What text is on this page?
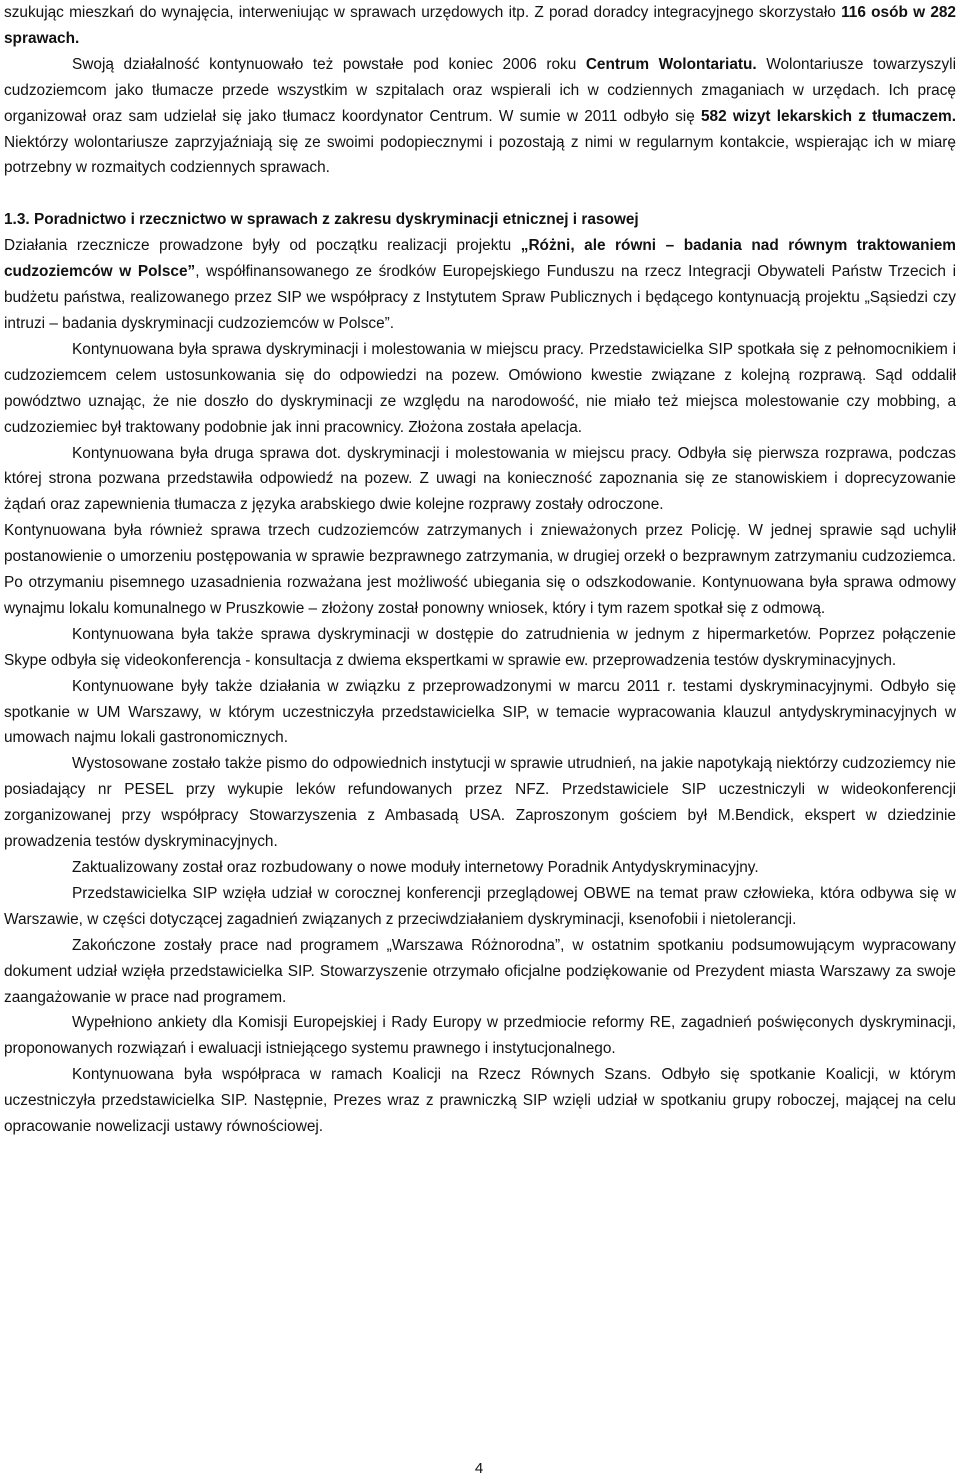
szukując mieszkań do wynajęcia, interweniując w sprawach urzędowych itp. Z porad doradcy integracyjnego skorzystało 116 osób w 282 sprawach.

Swoją działalność kontynuowało też powstałe pod koniec 2006 roku Centrum Wolontariatu. Wolontariusze towarzyszyli cudzoziemcom jako tłumacze przede wszystkim w szpitalach oraz wspierali ich w codziennych zmaganiach w urzędach. Ich pracę organizował oraz sam udzielał się jako tłumacz koordynator Centrum. W sumie w 2011 odbyło się 582 wizyt lekarskich z tłumaczem. Niektórzy wolontariusze zaprzyjaźniają się ze swoimi podopiecznymi i pozostają z nimi w regularnym kontakcie, wspierając ich w miarę potrzebny w rozmaitych codziennych sprawach.

1.3. Poradnictwo i rzecznictwo w sprawach z zakresu dyskryminacji etnicznej i rasowej

Działania rzecznicze prowadzone były od początku realizacji projektu „Różni, ale równi – badania nad równym traktowaniem cudzoziemców w Polsce”, współfinansowanego ze środków Europejskiego Funduszu na rzecz Integracji Obywateli Państw Trzecich i budżetu państwa, realizowanego przez SIP we współpracy z Instytutem Spraw Publicznych i będącego kontynuacją projektu „Sąsiedzi czy intruzi – badania dyskryminacji cudzoziemców w Polsce”.

Kontynuowana była sprawa dyskryminacji i molestowania w miejscu pracy. Przedstawicielka SIP spotkała się z pełnomocnikiem i cudzoziemcem celem ustosunkowania się do odpowiedzi na pozew. Omówiono kwestie związane z kolejną rozprawą. Sąd oddalił powództwo uznając, że nie doszło do dyskryminacji ze względu na narodowość, nie miało też miejsca molestowanie czy mobbing, a cudzoziemiec był traktowany podobnie jak inni pracownicy. Złożona została apelacja.

Kontynuowana była druga sprawa dot. dyskryminacji i molestowania w miejscu pracy. Odbyła się pierwsza rozprawa, podczas której strona pozwana przedstawiła odpowiedź na pozew. Z uwagi na konieczność zapoznania się ze stanowiskiem i doprecyzowanie żądań oraz zapewnienia tłumacza z języka arabskiego dwie kolejne rozprawy zostały odroczone.

Kontynuowana była również sprawa trzech cudzoziemców zatrzymanych i znieważonych przez Policję. W jednej sprawie sąd uchylił postanowienie o umorzeniu postępowania w sprawie bezprawnego zatrzymania, w drugiej orzekł o bezprawnym zatrzymaniu cudzoziemca. Po otrzymaniu pisemnego uzasadnienia rozważana jest możliwość ubiegania się o odszkodowanie. Kontynuowana była sprawa odmowy wynajmu lokalu komunalnego w Pruszkowie – złożony został ponowny wniosek, który i tym razem spotkał się z odmową.

Kontynuowana była także sprawa dyskryminacji w dostępie do zatrudnienia w jednym z hipermarketów. Poprzez połączenie Skype odbyła się videokonferencja - konsultacja z dwiema ekspertkami w sprawie ew. przeprowadzenia testów dyskryminacyjnych.

Kontynuowane były także działania w związku z przeprowadzonymi w marcu 2011 r. testami dyskryminacyjnymi. Odbyło się spotkanie w UM Warszawy, w którym uczestniczyła przedstawicielka SIP, w temacie wypracowania klauzul antydyskryminacyjnych w umowach najmu lokali gastronomicznych.

Wystosowane zostało także pismo do odpowiednich instytucji w sprawie utrudnień, na jakie napotykają niektórzy cudzoziemcy nie posiadający nr PESEL przy wykupie leków refundowanych przez NFZ. Przedstawiciele SIP uczestniczyli w wideokonferencji zorganizowanej przy współpracy Stowarzyszenia z Ambasadą USA. Zaproszonym gościem był M.Bendick, ekspert w dziedzinie prowadzenia testów dyskryminacyjnych.

Zaktualizowany został oraz rozbudowany o nowe moduły internetowy Poradnik Antydyskryminacyjny.

Przedstawicielka SIP wzięła udział w corocznej konferencji przeglądowej OBWE na temat praw człowieka, która odbywa się w Warszawie, w części dotyczącej zagadnień związanych z przeciwdziałaniem dyskryminacji, ksenofobii i nietolerancji.

Zakończone zostały prace nad programem „Warszawa Różnorodna”, w ostatnim spotkaniu podsumowującym wypracowany dokument udział wzięła przedstawicielka SIP. Stowarzyszenie otrzymało oficjalne podziękowanie od Prezydent miasta Warszawy za swoje zaangażowanie w prace nad programem.

Wypełniono ankiety dla Komisji Europejskiej i Rady Europy w przedmiocie reformy RE, zagadnień poświęconych dyskryminacji, proponowanych rozwiązań i ewaluacji istniejącego systemu prawnego i instytucjonalnego.

Kontynuowana była współpraca w ramach Koalicji na Rzecz Równych Szans. Odbyło się spotkanie Koalicji, w którym uczestniczyła przedstawicielka SIP. Następnie, Prezes wraz z prawniczką SIP wzięli udział w spotkaniu grupy roboczej, mającej na celu opracowanie nowelizacji ustawy równościowej.

4
